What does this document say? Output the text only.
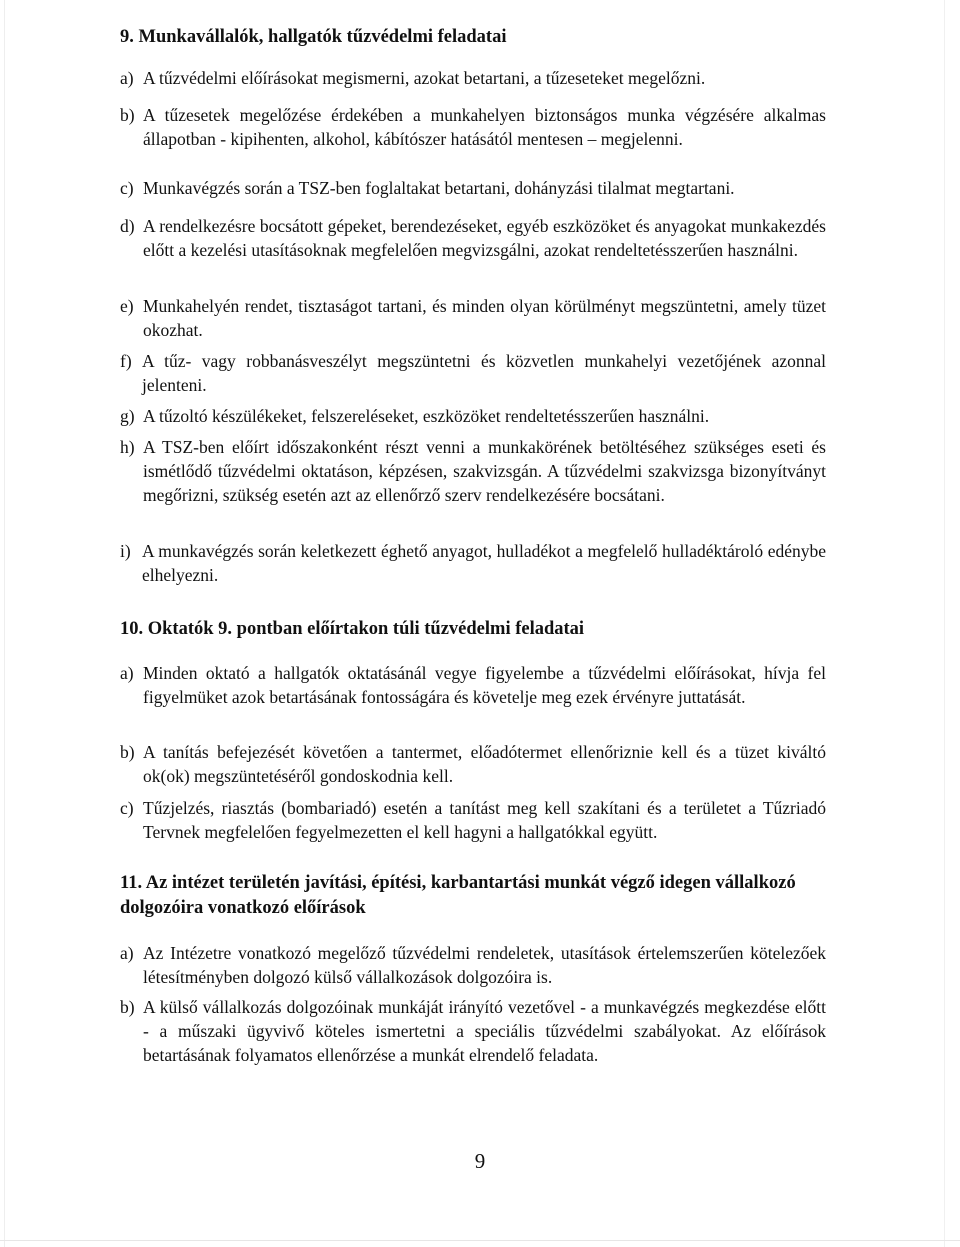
9. Munkavállalók, hallgatók tűzvédelmi feladatai

a) A tűzvédelmi előírásokat megismerni, azokat betartani, a tűzeseteket megelőzni.

b) A tűzesetek megelőzése érdekében a munkahelyen biztonságos munka végzésére alkalmas állapotban - kipihenten, alkohol, kábítószer hatásától mentesen – megjelenni.

c) Munkavégzés során a TSZ-ben foglaltakat betartani, dohányzási tilalmat megtartani.

d) A rendelkezésre bocsátott gépeket, berendezéseket, egyéb eszközöket és anyagokat munkakezdés előtt a kezelési utasításoknak megfelelően megvizsgálni, azokat rendeltetésszerűen használni.

e) Munkahelyén rendet, tisztaságot tartani, és minden olyan körülményt megszüntetni, amely tüzet okozhat.

f) A tűz- vagy robbanásveszélyt megszüntetni és közvetlen munkahelyi vezetőjének azonnal jelenteni.

g) A tűzoltó készülékeket, felszereléseket, eszközöket rendeltetésszerűen használni.

h) A TSZ-ben előírt időszakonként részt venni a munkakörének betöltéséhez szükséges eseti és ismétlődő tűzvédelmi oktatáson, képzésen, szakvizsgán. A tűzvédelmi szakvizsga bizonyítványt megőrizni, szükség esetén azt az ellenőrző szerv rendelkezésére bocsátani.

i) A munkavégzés során keletkezett éghető anyagot, hulladékot a megfelelő hulladéktároló edénybe elhelyezni.

10. Oktatók 9. pontban előírtakon túli tűzvédelmi feladatai

a) Minden oktató a hallgatók oktatásánál vegye figyelembe a tűzvédelmi előírásokat, hívja fel figyelmüket azok betartásának fontosságára és követelje meg ezek érvényre juttatását.

b) A tanítás befejezését követően a tantermet, előadótermet ellenőriznie kell és a tüzet kiváltó ok(ok) megszüntetéséről gondoskodnia kell.

c) Tűzjelzés, riasztás (bombariadó) esetén a tanítást meg kell szakítani és a területet a Tűzriadó Tervnek megfelelően fegyelmezetten el kell hagyni a hallgatókkal együtt.

11. Az intézet területén javítási, építési, karbantartási munkát végző idegen vállalkozó dolgozóira vonatkozó előírások

a) Az Intézetre vonatkozó megelőző tűzvédelmi rendeletek, utasítások értelemszerűen kötelezőek létesítményben dolgozó külső vállalkozások dolgozóira is.

b) A külső vállalkozás dolgozóinak munkáját irányító vezetővel - a munkavégzés megkezdése előtt - a műszaki ügyvivő köteles ismertetni a speciális tűzvédelmi szabályokat. Az előírások betartásának folyamatos ellenőrzése a munkát elrendelő feladata.

9
